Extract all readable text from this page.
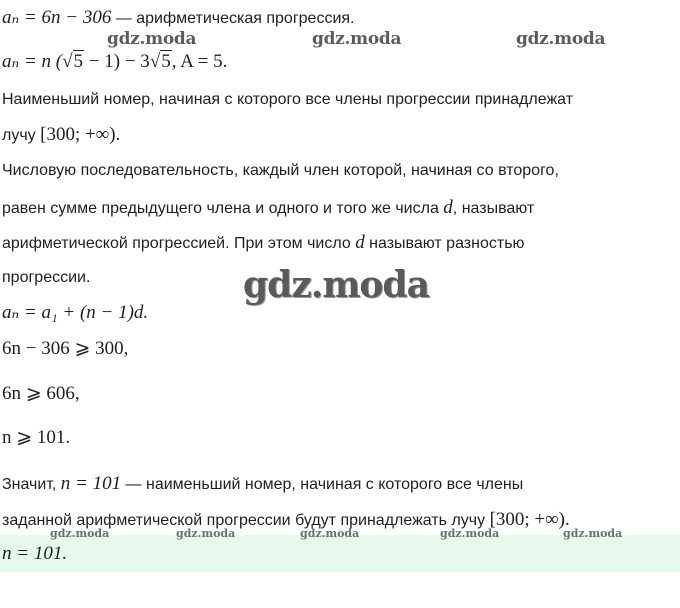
gdz.moda	gdz.moda	gdz.moda
gdz.moda
gdz.moda	gdz.moda	gdz.moda	gdz.moda	gdz.moda
aₙ = 6n − 306 — арифметическая прогрессия.
aₙ = n (√5 − 1) − 3√5, A = 5.
Наименьший номер, начиная с которого все члены прогрессии принадлежат
лучу [300; +∞).
Числовую последовательность, каждый член которой, начиная со второго,
равен сумме предыдущего члена и одного и того же числа d, называют
арифметической прогрессией. При этом число d называют разностью
прогрессии.
aₙ = a₁ + (n − 1)d.
6n − 306 ⩾ 300,
6n ⩾ 606,
n ⩾ 101.
Значит, n = 101 — наименьший номер, начиная с которого все члены
заданной арифметической прогрессии будут принадлежать лучу [300; +∞).
n = 101.
